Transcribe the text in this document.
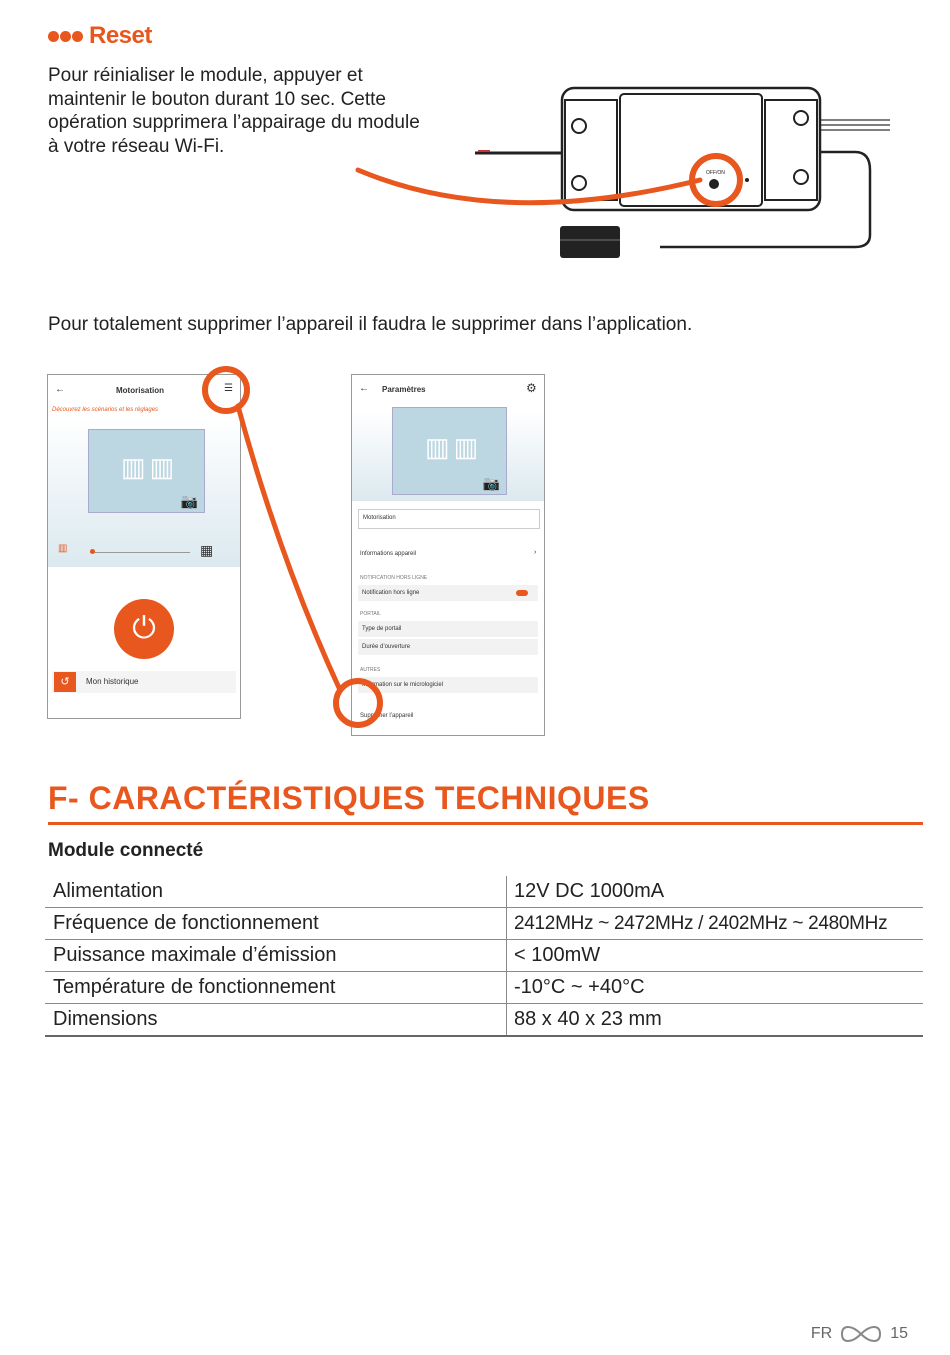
Reset
Pour réinialiser le module, appuyer et maintenir le bouton durant 10 sec. Cette opération supprimera l’appairage du module à votre réseau Wi-Fi.
OFF/ON
Pour totalement supprimer l’appareil il faudra le supprimer dans l’application.
←	Motorisation	☰
Découvrez les scénarios et les réglages
▥▥
📷
▥	▦
⏻
↺	Mon historique
← Paramètres	⚙
▥▥
📷
Motorisation
Informations appareil	›
NOTIFICATION HORS LIGNE
Notification hors ligne
PORTAIL
Type de portail
Durée d’ouverture
AUTRES
Information sur le micrologiciel
Supprimer l’appareil
F- CARACTÉRISTIQUES TECHNIQUES
Module connecté
Alimentation	12V DC 1000mA
Fréquence de fonctionnement	2412MHz ~ 2472MHz / 2402MHz ~ 2480MHz
Puissance maximale d’émission	< 100mW
Température de fonctionnement	-10°C ~ +40°C
Dimensions	88 x 40 x 23 mm
FR	15
